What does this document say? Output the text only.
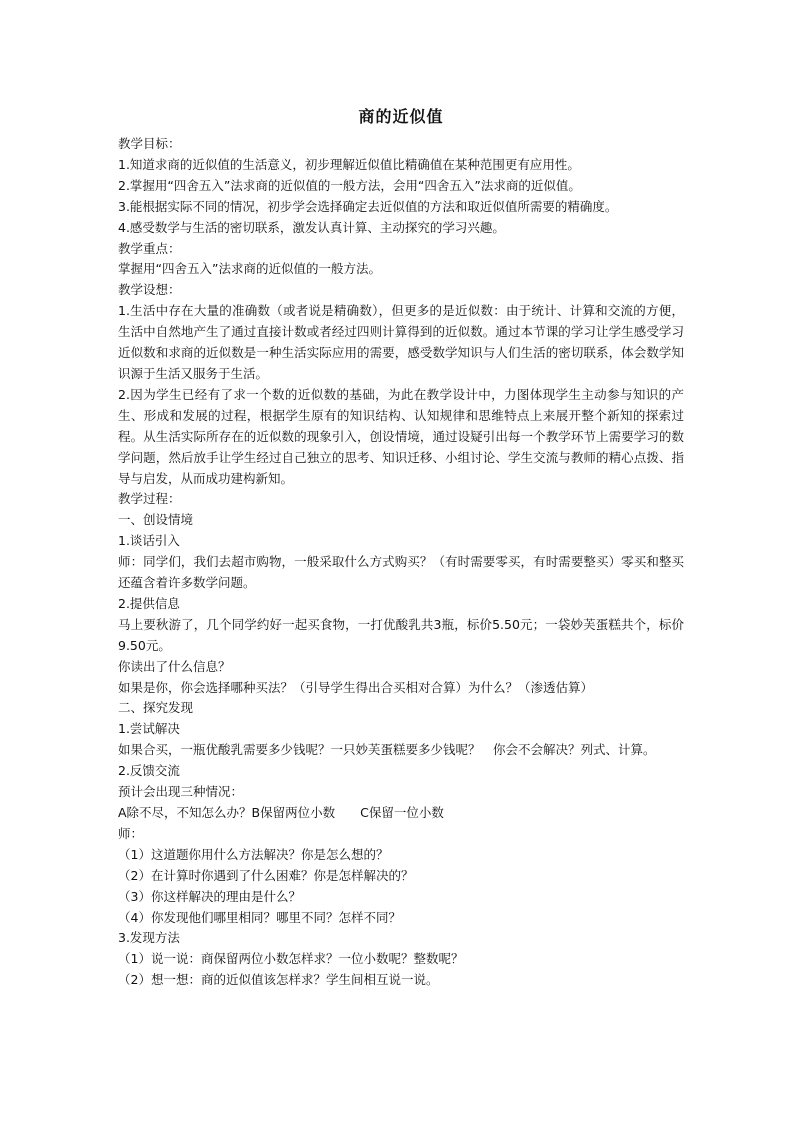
商的近似值

教学目标：

1.知道求商的近似值的生活意义，初步理解近似值比精确值在某种范围更有应用性。

2.掌握用“四舍五入”法求商的近似值的一般方法，会用“四舍五入”法求商的近似值。

3.能根据实际不同的情况，初步学会选择确定去近似值的方法和取近似值所需要的精确度。

4.感受数学与生活的密切联系，激发认真计算、主动探究的学习兴趣。

教学重点：

掌握用“四舍五入”法求商的近似值的一般方法。

教学设想：

1.生活中存在大量的准确数（或者说是精确数），但更多的是近似数：由于统计、计算和交流的方便，生活中自然地产生了通过直接计数或者经过四则计算得到的近似数。通过本节课的学习让学生感受学习近似数和求商的近似数是一种生活实际应用的需要，感受数学知识与人们生活的密切联系，体会数学知识源于生活又服务于生活。

2.因为学生已经有了求一个数的近似数的基础，为此在教学设计中，力图体现学生主动参与知识的产生、形成和发展的过程，根据学生原有的知识结构、认知规律和思维特点上来展开整个新知的探索过程。从生活实际所存在的近似数的现象引入，创设情境，通过设疑引出每一个教学环节上需要学习的数学问题，然后放手让学生经过自己独立的思考、知识迁移、小组讨论、学生交流与教师的精心点拨、指导与启发，从而成功建构新知。

教学过程：

一、创设情境

1.谈话引入

师：同学们，我们去超市购物，一般采取什么方式购买？（有时需要零买，有时需要整买）零买和整买还蕴含着许多数学问题。

2.提供信息

马上要秋游了，几个同学约好一起买食物，一打优酸乳共3瓶，标价5.50元；一袋妙芙蛋糕共个，标价9.50元。

你读出了什么信息？

如果是你，你会选择哪种买法？（引导学生得出合买相对合算）为什么？（渗透估算）

二、探究发现

1.尝试解决

如果合买，一瓶优酸乳需要多少钱呢？一只妙芙蛋糕要多少钱呢？　你会不会解决？列式、计算。

2.反馈交流

预计会出现三种情况：

A除不尽，不知怎么办？B保留两位小数　　C保留一位小数

师：

（1）这道题你用什么方法解决？你是怎么想的？

（2）在计算时你遇到了什么困难？你是怎样解决的？

（3）你这样解决的理由是什么？

（4）你发现他们哪里相同？哪里不同？怎样不同？

3.发现方法

（1）说一说：商保留两位小数怎样求？一位小数呢？整数呢？

（2）想一想：商的近似值该怎样求？学生间相互说一说。
